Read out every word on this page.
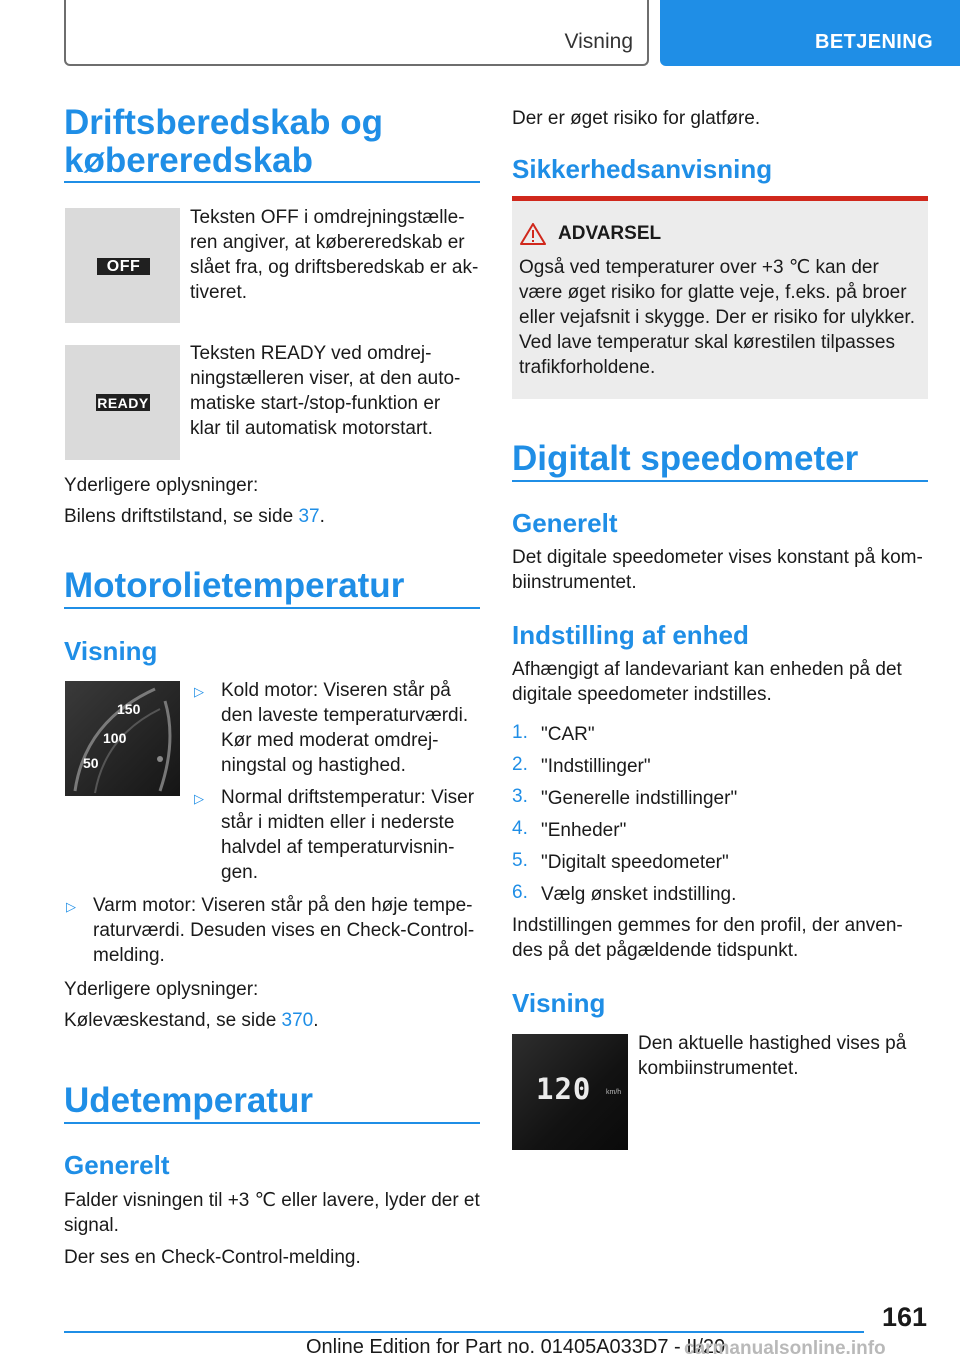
Visning	BETJENING
Driftsberedskab og
købereredskab
OFF
Teksten OFF i omdrejningstælle-
ren angiver, at købereredskab er
slået fra, og driftsberedskab er ak-
tiveret.
READY
Teksten READY ved omdrej-
ningstælleren viser, at den auto-
matiske start-/stop-funktion er
klar til automatisk motorstart.
Yderligere oplysninger:
Bilens driftstilstand, se side 37.
Motorolietemperatur
Visning
150
100
50
▷ Kold motor: Viseren står på
den laveste temperaturværdi.
Kør med moderat omdrej-
ningstal og hastighed.
▷ Normal driftstemperatur: Viser
står i midten eller i nederste
halvdel af temperaturvisnin-
gen.
▷ Varm motor: Viseren står på den høje tempe-
raturværdi. Desuden vises en Check-Control-
melding.
Yderligere oplysninger:
Kølevæskestand, se side 370.
Udetemperatur
Generelt
Falder visningen til +3 ℃ eller lavere, lyder der et
signal.
Der ses en Check-Control-melding.
Der er øget risiko for glatføre.
Sikkerhedsanvisning
ADVARSEL
Også ved temperaturer over +3 ℃ kan der
være øget risiko for glatte veje, f.eks. på broer
eller vejafsnit i skygge. Der er risiko for ulykker.
Ved lave temperatur skal kørestilen tilpasses
trafikforholdene.
Digitalt speedometer
Generelt
Det digitale speedometer vises konstant på kom-
biinstrumentet.
Indstilling af enhed
Afhængigt af landevariant kan enheden på det
digitale speedometer indstilles.
1. "CAR"
2. "Indstillinger"
3. "Generelle indstillinger"
4. "Enheder"
5. "Digitalt speedometer"
6. Vælg ønsket indstilling.
Indstillingen gemmes for den profil, der anven-
des på det pågældende tidspunkt.
Visning
120 km/h
Den aktuelle hastighed vises på
kombiinstrumentet.
161
Online Edition for Part no. 01405A033D7 - II/20
carmanualsonline.info
